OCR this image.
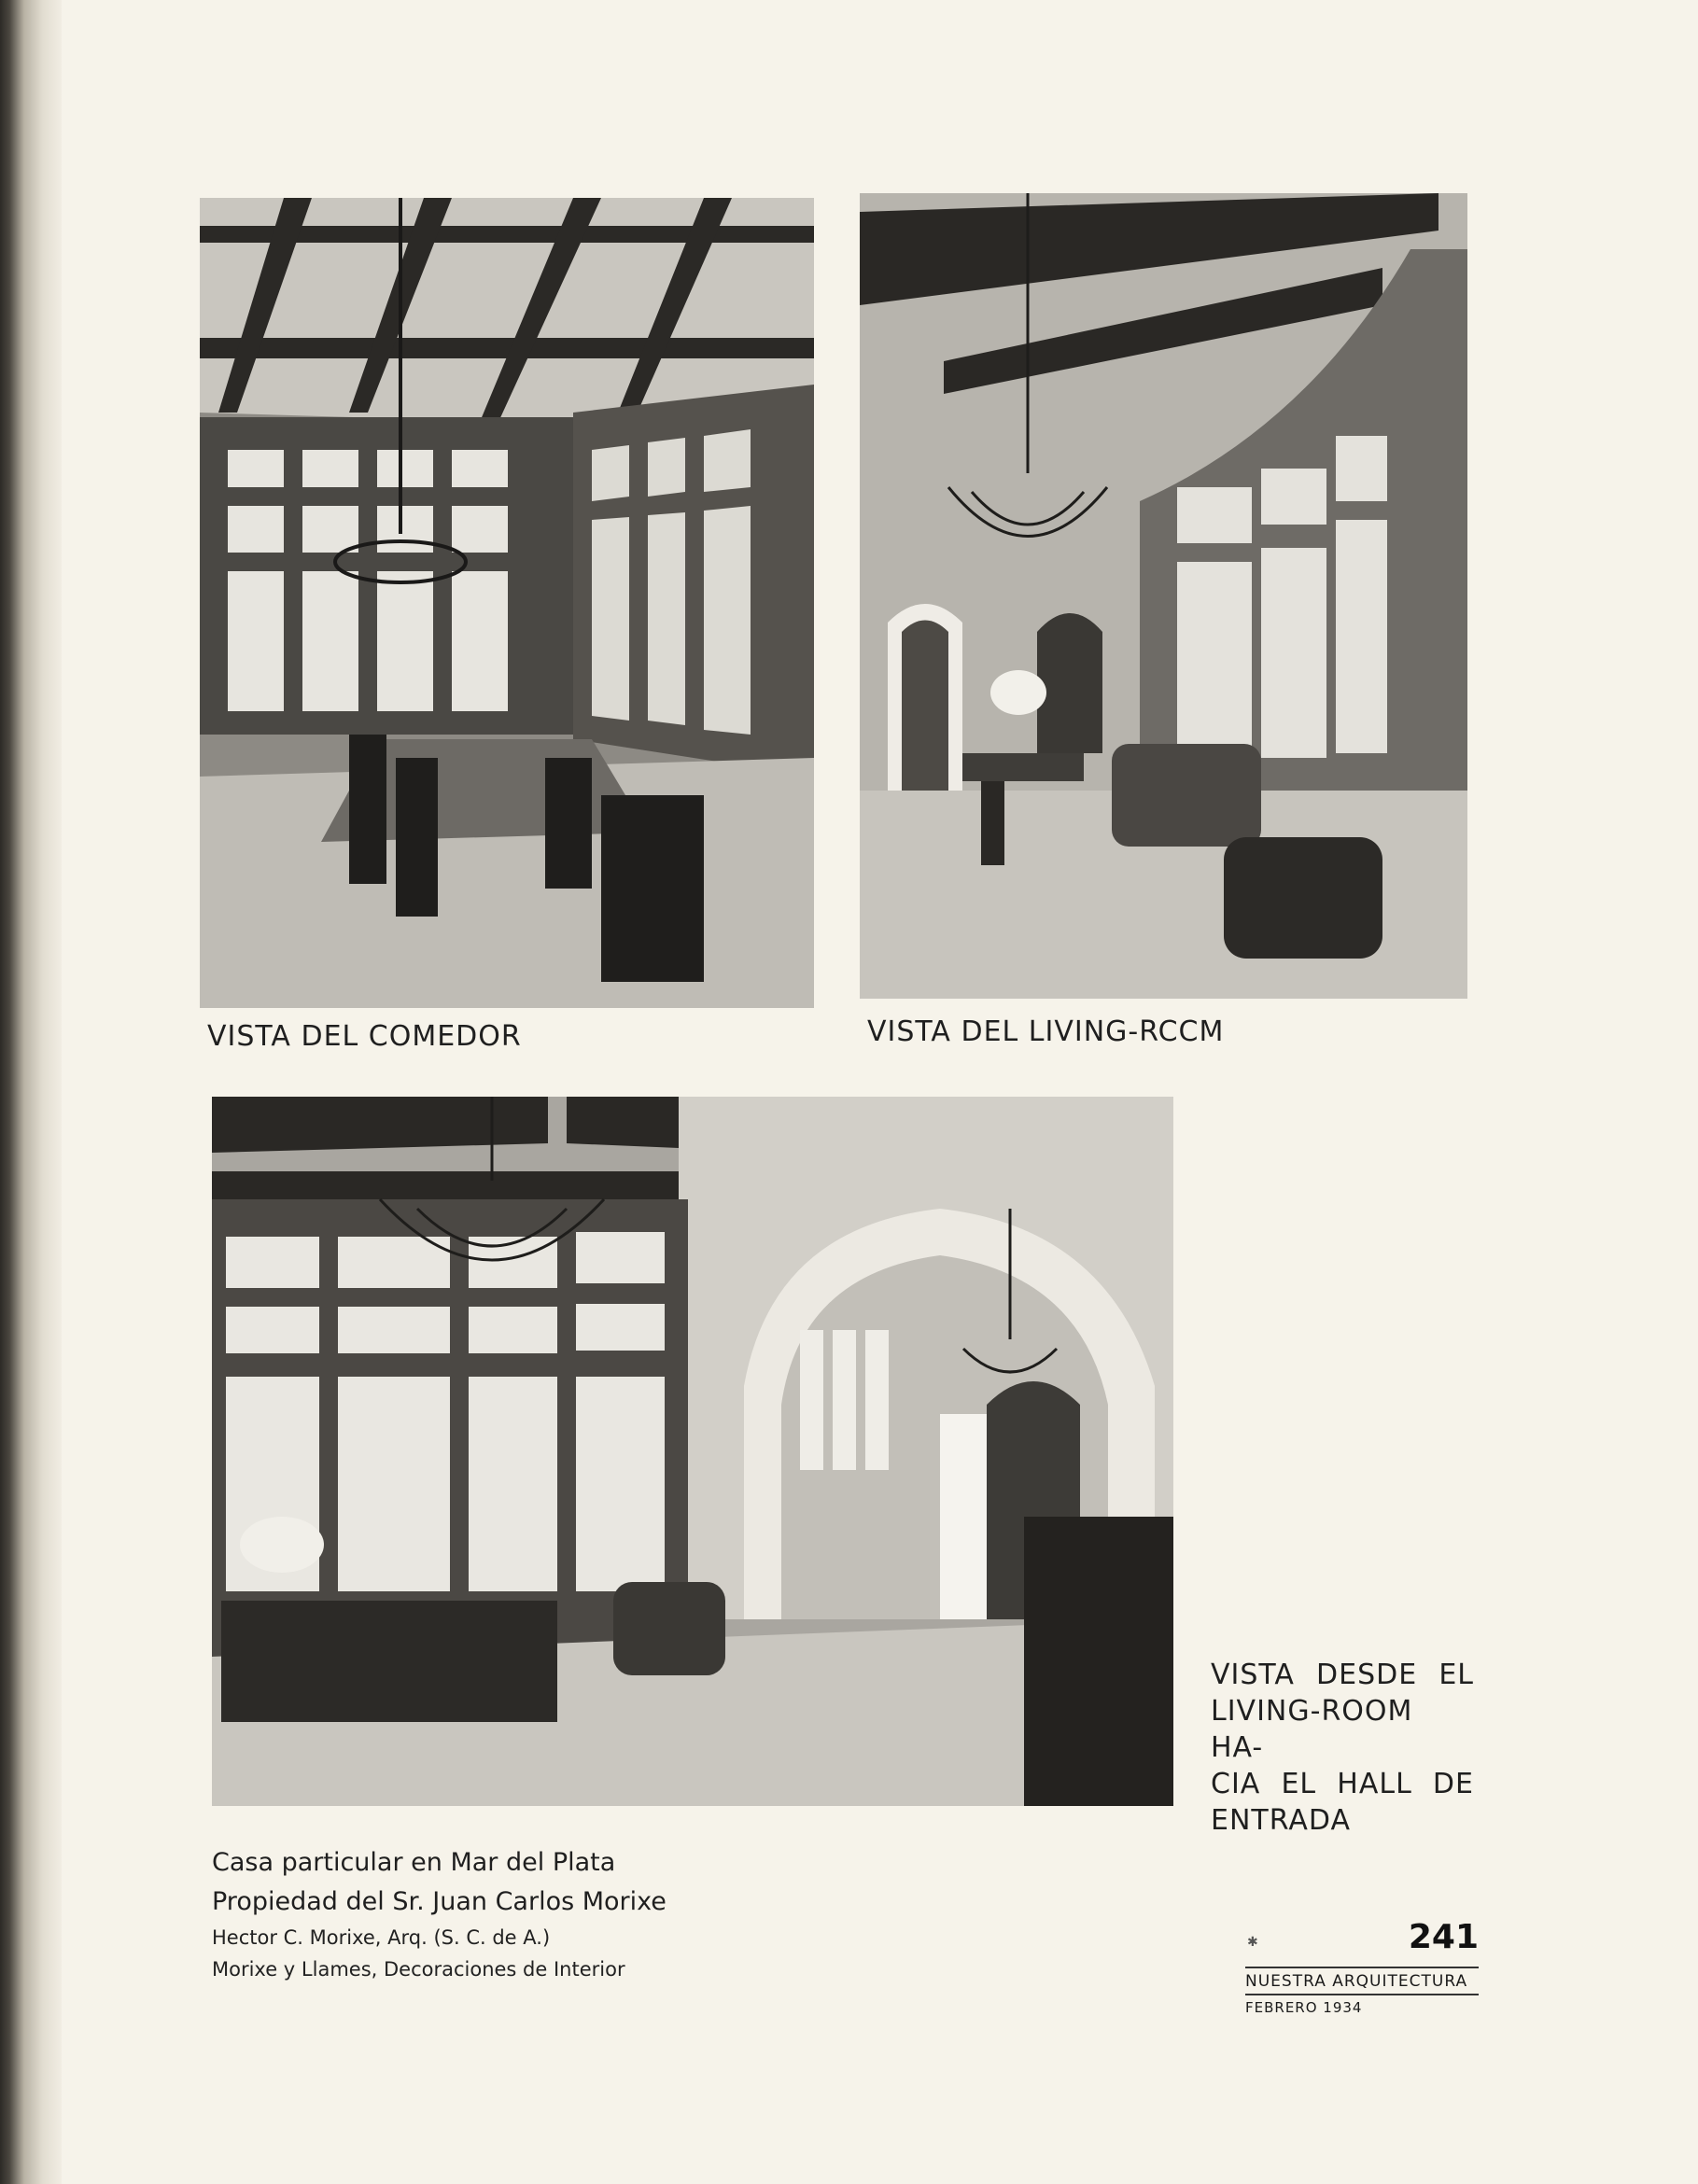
VISTA DEL COMEDOR	VISTA DEL LIVING-RCCM

VISTA DESDE EL
LIVING-ROOM HA-
CIA EL HALL DE
ENTRADA
Casa particular en Mar del Plata
Propiedad del Sr. Juan Carlos Morixe
Hector C. Morixe, Arq. (S. C. de A.)
Morixe y Llames, Decoraciones de Interior
✱	241
NUESTRA ARQUITECTURA
FEBRERO 1934
